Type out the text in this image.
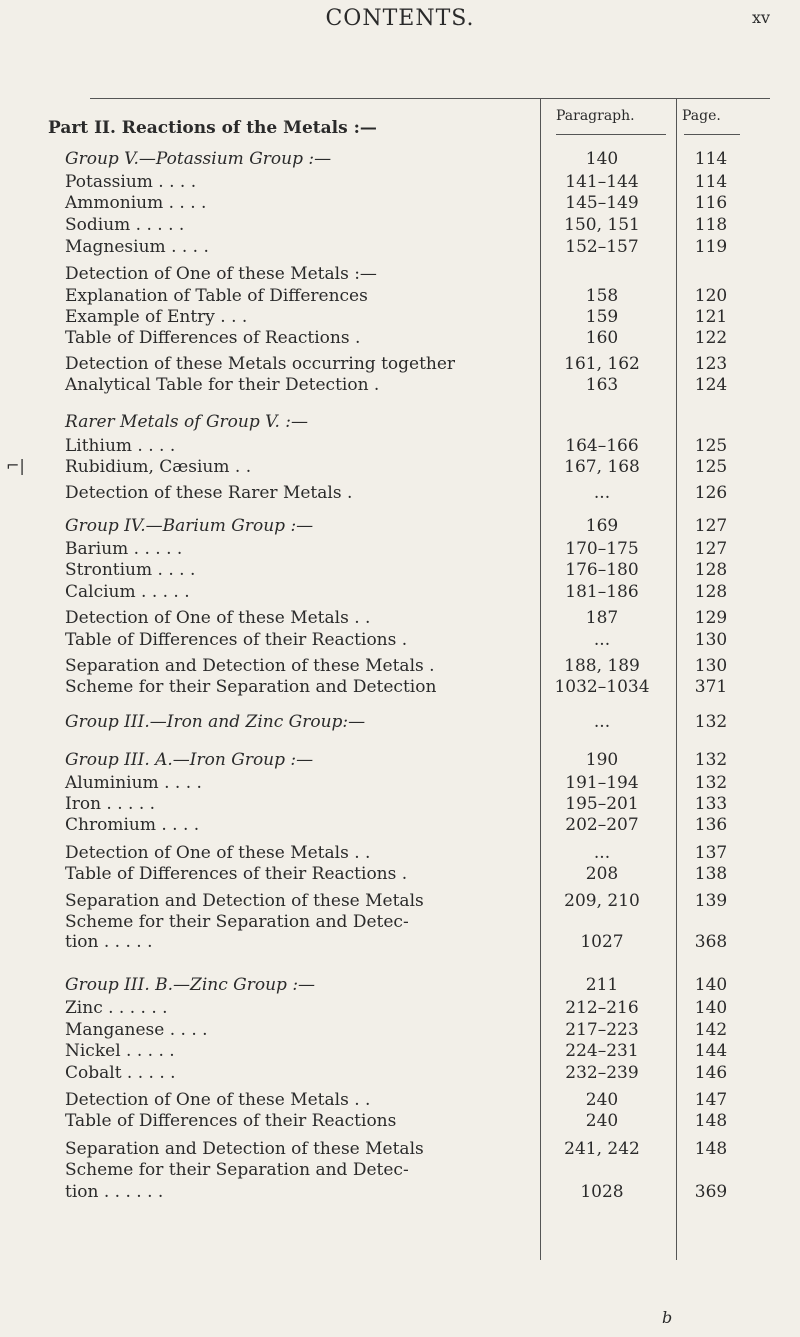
CONTENTS.	xv
Paragraph.	Page.
⌐|
Part II. Reactions of the Metals :—
Group V.—Potassium Group :—	140	114
Potassium . . . .	141–144	114
Ammonium . . . .	145–149	116
Sodium . . . . .	150, 151	118
Magnesium . . . .	152–157	119
Detection of One of these Metals :—
Explanation of Table of Differences	158	120
Example of Entry . . .	159	121
Table of Differences of Reactions .	160	122
Detection of these Metals occurring together	161, 162	123
Analytical Table for their Detection .	163	124
Rarer Metals of Group V. :—
Lithium . . . .	164–166	125
Rubidium, Cæsium . .	167, 168	125
Detection of these Rarer Metals .	...	126
Group IV.—Barium Group :—	169	127
Barium . . . . .	170–175	127
Strontium . . . .	176–180	128
Calcium . . . . .	181–186	128
Detection of One of these Metals . .	187	129
Table of Differences of their Reactions .	...	130
Separation and Detection of these Metals .	188, 189	130
Scheme for their Separation and Detection	1032–1034	371
Group III.—Iron and Zinc Group:—	...	132
Group III. A.—Iron Group :—	190	132
Aluminium . . . .	191–194	132
Iron . . . . .	195–201	133
Chromium . . . .	202–207	136
Detection of One of these Metals . .	...	137
Table of Differences of their Reactions .	208	138
Separation and Detection of these Metals	209, 210	139
Scheme for their Separation and Detec-
tion . . . . .	1027	368
Group III. B.—Zinc Group :—	211	140
Zinc . . . . . .	212–216	140
Manganese . . . .	217–223	142
Nickel . . . . .	224–231	144
Cobalt . . . . .	232–239	146
Detection of One of these Metals . .	240	147
Table of Differences of their Reactions	240	148
Separation and Detection of these Metals	241, 242	148
Scheme for their Separation and Detec-
tion . . . . . .	1028	369
b
